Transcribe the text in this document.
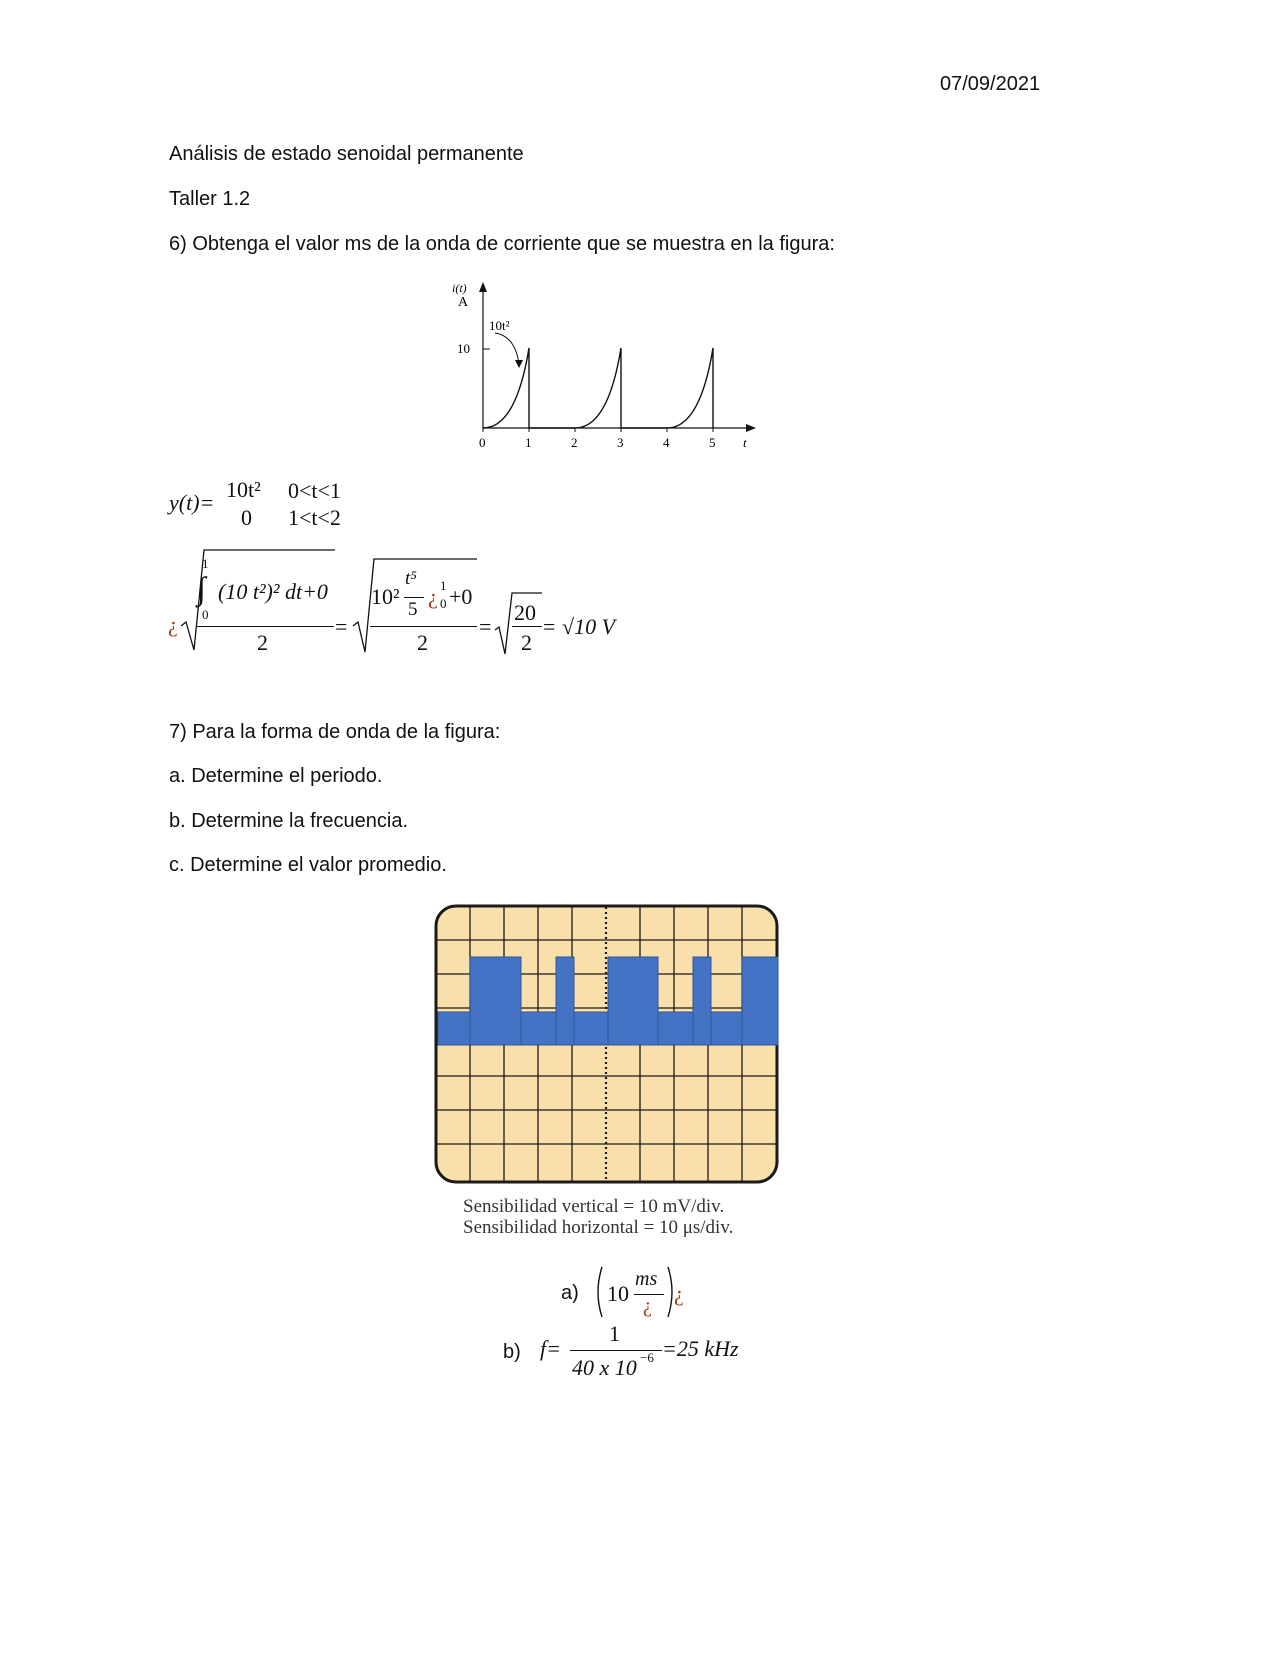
07/09/2021
Análisis de estado senoidal permanente
Taller 1.2
6) Obtenga el valor ms de la onda de corriente que se muestra en la figura:
i(t)
A
10t²
10
0	1	2	3	4	5 t
y(t)=
10t² 0<t<1
0 1<t<2
¿
1
∫
0
(10 t²)² dt+0
2
=
10²
t⁵
5
¿ 1
0 +0
2
=
20
2
= √10 V
7) Para la forma de onda de la figura:
a. Determine el periodo.
b. Determine la frecuencia.
c. Determine el valor promedio.
Sensibilidad vertical = 10 mV/div.
Sensibilidad horizontal = 10 μs/div.
a) 10
ms
¿ ¿
b) f=
1
40 x 10 −6 =25 kHz
